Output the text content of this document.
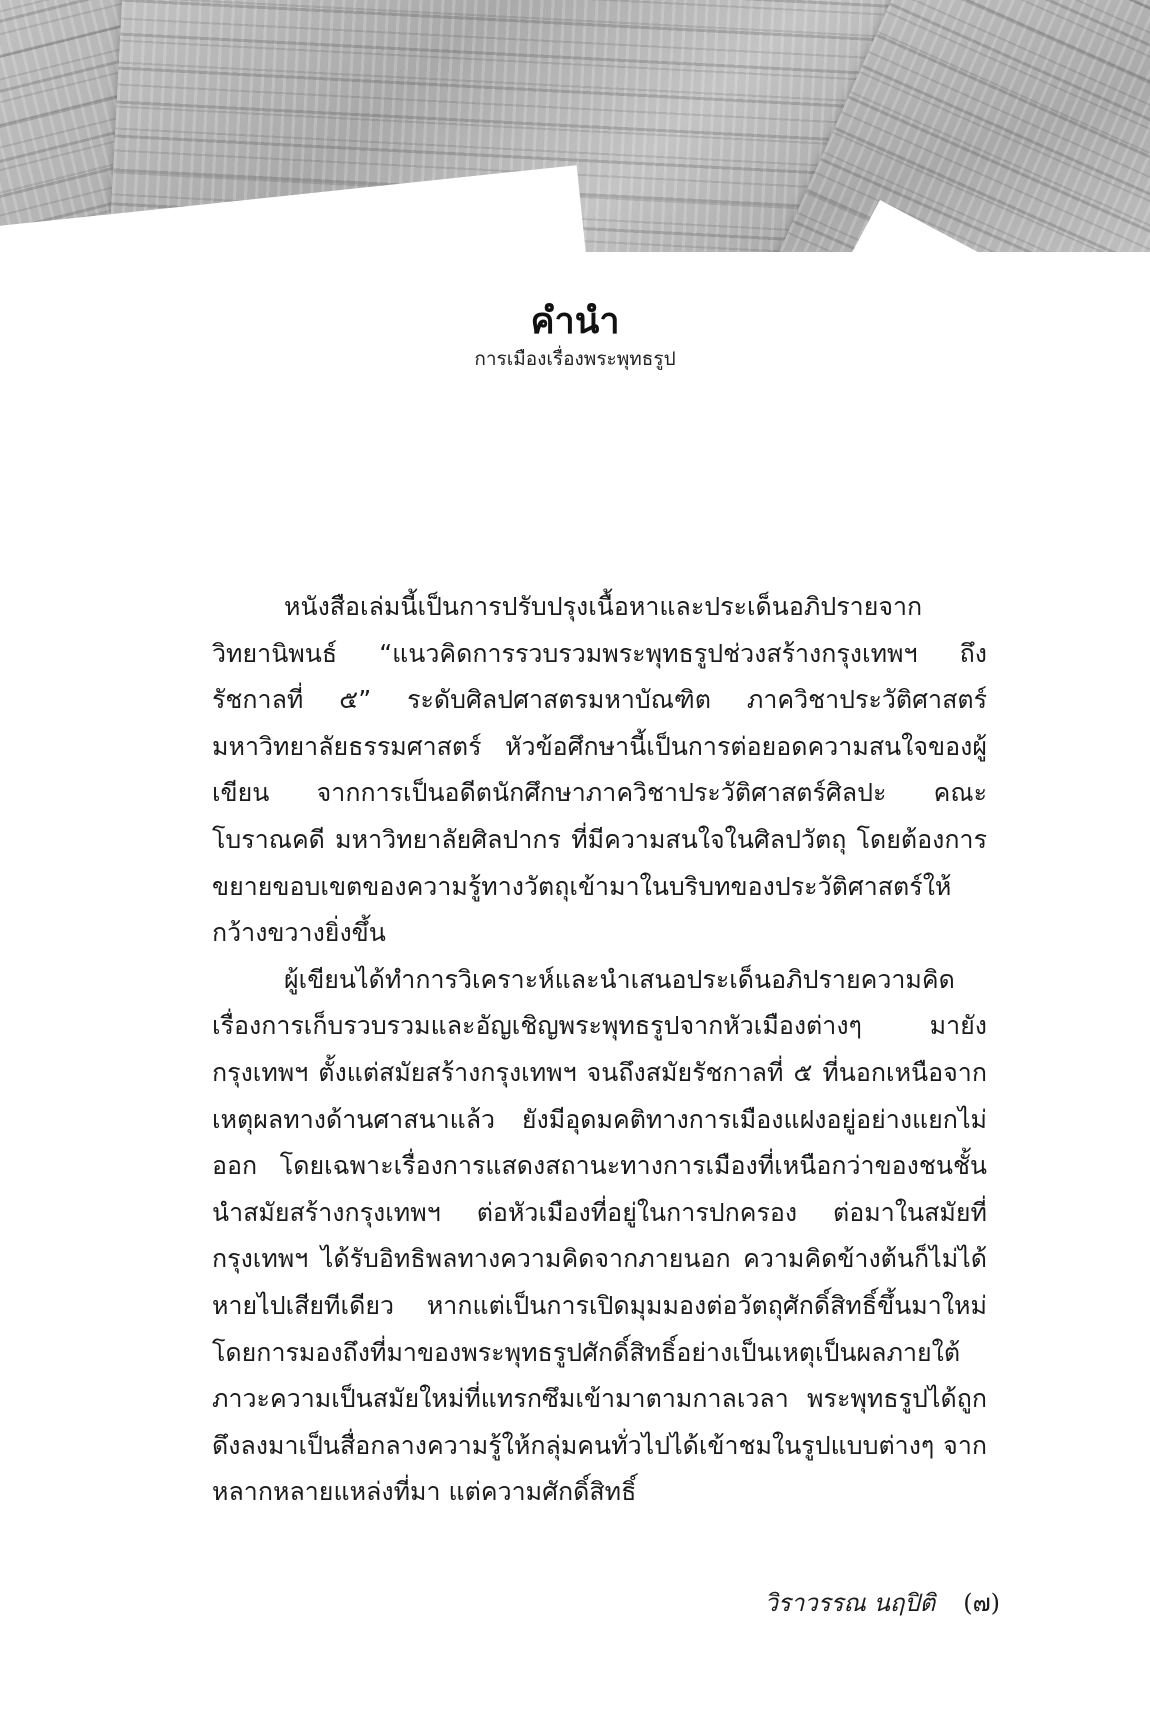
คำนำ
การเมืองเรื่องพระพุทธรูป

หนังสือเล่มนี้เป็นการปรับปรุงเนื้อหาและประเด็นอภิปรายจากวิทยานิพนธ์ “แนวคิดการรวบรวมพระพุทธรูปช่วงสร้างกรุงเทพฯ ถึงรัชกาลที่ ๕” ระดับศิลปศาสตรมหาบัณฑิต ภาควิชาประวัติศาสตร์ มหาวิทยาลัยธรรมศาสตร์ หัวข้อศึกษานี้เป็นการต่อยอดความสนใจของผู้เขียน จากการเป็นอดีตนักศึกษาภาควิชาประวัติศาสตร์ศิลปะ คณะโบราณคดี มหาวิทยาลัยศิลปากร ที่มีความสนใจในศิลปวัตถุ โดยต้องการขยายขอบเขตของความรู้ทางวัตถุเข้ามาในบริบทของประวัติศาสตร์ให้กว้างขวางยิ่งขึ้น

ผู้เขียนได้ทำการวิเคราะห์และนำเสนอประเด็นอภิปรายความคิดเรื่องการเก็บรวบรวมและอัญเชิญพระพุทธรูปจากหัวเมืองต่างๆ มายังกรุงเทพฯ ตั้งแต่สมัยสร้างกรุงเทพฯ จนถึงสมัยรัชกาลที่ ๕ ที่นอกเหนือจากเหตุผลทางด้านศาสนาแล้ว ยังมีอุดมคติทางการเมืองแฝงอยู่อย่างแยกไม่ออก โดยเฉพาะเรื่องการแสดงสถานะทางการเมืองที่เหนือกว่าของชนชั้นนำสมัยสร้างกรุงเทพฯ ต่อหัวเมืองที่อยู่ในการปกครอง ต่อมาในสมัยที่กรุงเทพฯ ได้รับอิทธิพลทางความคิดจากภายนอก ความคิดข้างต้นก็ไม่ได้หายไปเสียทีเดียว หากแต่เป็นการเปิดมุมมองต่อวัตถุศักดิ์สิทธิ์ขึ้นมาใหม่ โดยการมองถึงที่มาของพระพุทธรูปศักดิ์สิทธิ์อย่างเป็นเหตุเป็นผลภายใต้ภาวะความเป็นสมัยใหม่ที่แทรกซึมเข้ามาตามกาลเวลา พระพุทธรูปได้ถูกดึงลงมาเป็นสื่อกลางความรู้ให้กลุ่มคนทั่วไปได้เข้าชมในรูปแบบต่างๆ จากหลากหลายแหล่งที่มา แต่ความศักดิ์สิทธิ์

วิราวรรณ นฤปิติ (๗)
